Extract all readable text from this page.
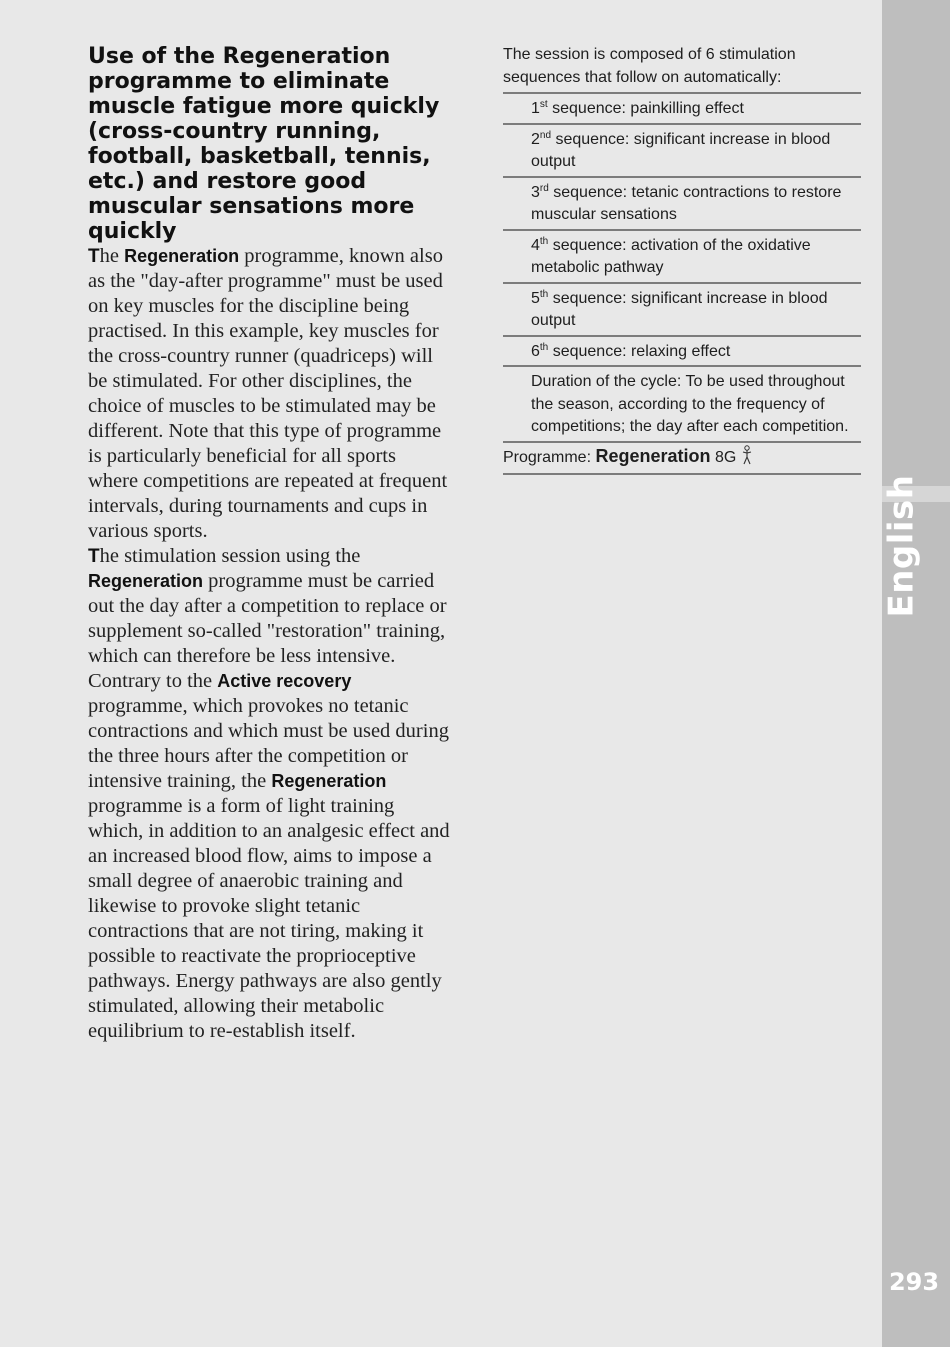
English
293
Use of the Regeneration programme to eliminate muscle fatigue more quickly (cross-country running, football, basketball, tennis, etc.) and restore good muscular sensations more quickly

The Regeneration programme, known also as the "day-after programme" must be used on key muscles for the discipline being practised. In this example, key muscles for the cross-country runner (quadriceps) will be stimulated. For other disciplines, the choice of muscles to be stimulated may be different. Note that this type of programme is particularly beneficial for all sports where competitions are repeated at frequent intervals, during tournaments and cups in various sports.

The stimulation session using the Regeneration programme must be carried out the day after a competition to replace or supplement so-called "restoration" training, which can therefore be less intensive. Contrary to the Active recovery programme, which provokes no tetanic contractions and which must be used during the three hours after the competition or intensive training, the Regeneration programme is a form of light training which, in addition to an analgesic effect and an increased blood flow, aims to impose a small degree of anaerobic training and likewise to provoke slight tetanic contractions that are not tiring, making it possible to reactivate the proprioceptive pathways. Energy pathways are also gently stimulated, allowing their metabolic equilibrium to re-establish itself.

The session is composed of 6 stimulation sequences that follow on automatically:

1st sequence: painkilling effect
2nd sequence: significant increase in blood output
3rd sequence: tetanic contractions to restore muscular sensations
4th sequence: activation of the oxidative metabolic pathway
5th sequence: significant increase in blood output
6th sequence: relaxing effect
Duration of the cycle: To be used throughout the season, according to the frequency of competitions; the day after each competition.
Programme: Regeneration 8G
